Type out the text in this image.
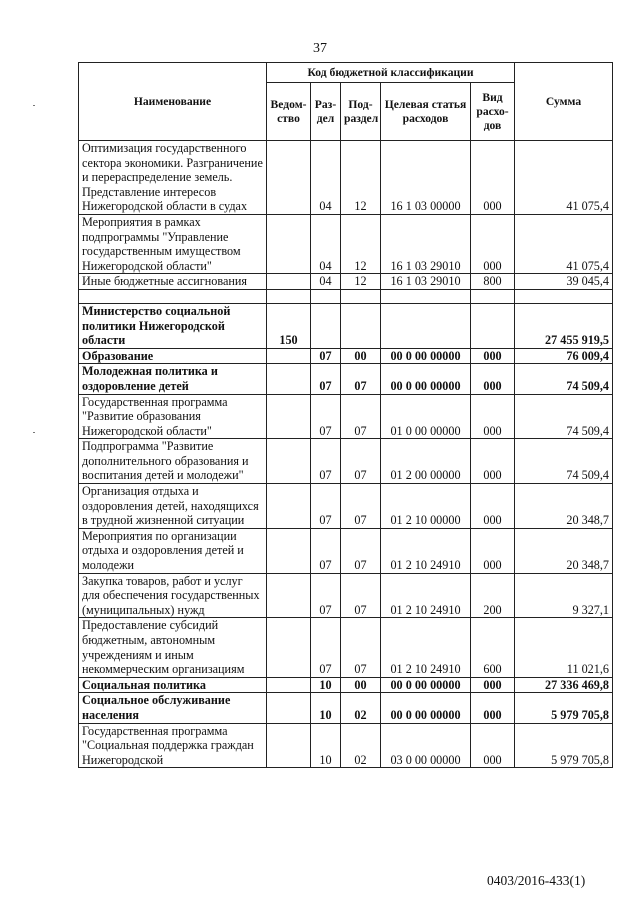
37
Наименование	Код бюджетной классификации					Сумма
	Ведом-ство	Раз-дел	Под-раздел	Целевая статья расходов	Вид расхо-дов	
Оптимизация государственного сектора экономики. Разграничение и перераспределение земель. Представление интересов Нижегородской области в судах		04	12	16 1 03 00000	000	41 075,4
Мероприятия в рамках подпрограммы "Управление государственным имуществом Нижегородской области"		04	12	16 1 03 29010	000	41 075,4
Иные бюджетные ассигнования		04	12	16 1 03 29010	800	39 045,4

Министерство социальной политики Нижегородской области	150					27 455 919,5
Образование		07	00	00 0 00 00000	000	76 009,4
Молодежная политика и оздоровление детей		07	07	00 0 00 00000	000	74 509,4
Государственная программа "Развитие образования Нижегородской области"		07	07	01 0 00 00000	000	74 509,4
Подпрограмма "Развитие дополнительного образования и воспитания детей и молодежи"		07	07	01 2 00 00000	000	74 509,4
Организация отдыха и оздоровления детей, находящихся в трудной жизненной ситуации		07	07	01 2 10 00000	000	20 348,7
Мероприятия по организации отдыха и оздоровления детей и молодежи		07	07	01 2 10 24910	000	20 348,7
Закупка товаров, работ и услуг для обеспечения государственных (муниципальных) нужд		07	07	01 2 10 24910	200	9 327,1
Предоставление субсидий бюджетным, автономным учреждениям и иным некоммерческим организациям		07	07	01 2 10 24910	600	11 021,6
Социальная политика		10	00	00 0 00 00000	000	27 336 469,8
Социальное обслуживание населения		10	02	00 0 00 00000	000	5 979 705,8
Государственная программа "Социальная поддержка граждан Нижегородской		10	02	03 0 00 00000	000	5 979 705,8
0403/2016-433(1)
